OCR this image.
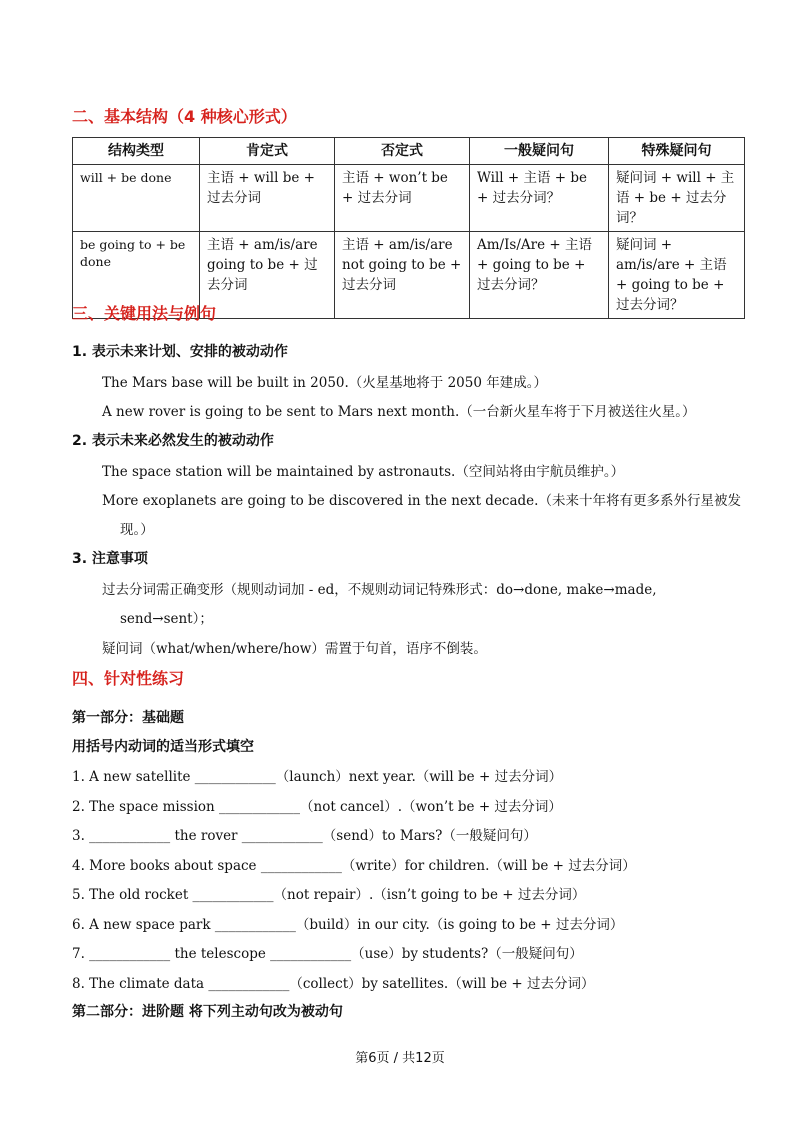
二、基本结构（4 种核心形式）
结构类型	肯定式	否定式	一般疑问句	特殊疑问句
will + be done	主语 + will be + 过去分词	主语 + won’t be + 过去分词	Will + 主语 + be + 过去分词？	疑问词 + will + 主语 + be + 过去分词？
be going to + be done	主语 + am/is/are going to be + 过去分词	主语 + am/is/are not going to be + 过去分词	Am/Is/Are + 主语 + going to be + 过去分词？	疑问词 + am/is/are + 主语 + going to be + 过去分词？
三、关键用法与例句

1. 表示未来计划、安排的被动动作

The Mars base will be built in 2050.（火星基地将于 2050 年建成。）

A new rover is going to be sent to Mars next month.（一台新火星车将于下月被送往火星。）

2. 表示未来必然发生的被动动作

The space station will be maintained by astronauts.（空间站将由宇航员维护。）

More exoplanets are going to be discovered in the next decade.（未来十年将有更多系外行星被发

现。）

3. 注意事项

过去分词需正确变形（规则动词加 - ed，不规则动词记特殊形式：do→done, make→made,

send→sent）；

疑问词（what/when/where/how）需置于句首，语序不倒装。

四、针对性练习

第一部分：基础题

用括号内动词的适当形式填空

1. A new satellite ____________（launch）next year.（will be + 过去分词）

2. The space mission ____________（not cancel）.（won’t be + 过去分词）

3. ____________ the rover ____________（send）to Mars?（一般疑问句）

4. More books about space ____________（write）for children.（will be + 过去分词）

5. The old rocket ____________（not repair）.（isn’t going to be + 过去分词）

6. A new space park ____________（build）in our city.（is going to be + 过去分词）

7. ____________ the telescope ____________（use）by students?（一般疑问句）

8. The climate data ____________（collect）by satellites.（will be + 过去分词）

第二部分：进阶题 将下列主动句改为被动句

第6页 / 共12页
